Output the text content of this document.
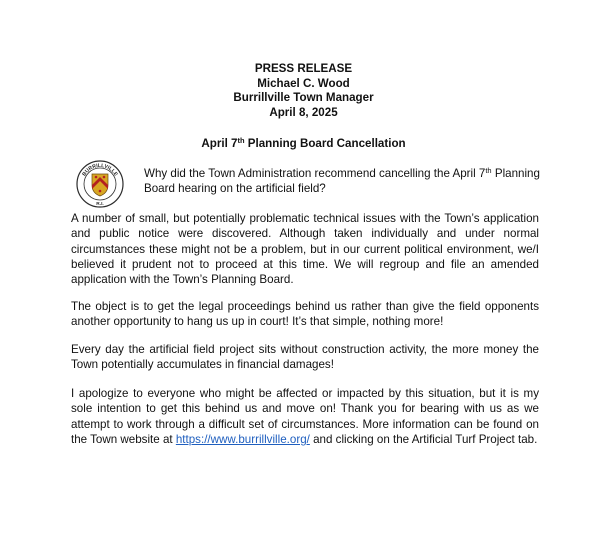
PRESS RELEASE
Michael C. Wood
Burrillville Town Manager
April 8, 2025
April 7th Planning Board Cancellation
BURRILLVILLE
R.I.
Why did the Town Administration recommend cancelling the April 7th Planning Board hearing on the artificial field?
A number of small, but potentially problematic technical issues with the Town’s application and public notice were discovered. Although taken individually and under normal circumstances these might not be a problem, but in our current political environment, we/I believed it prudent not to proceed at this time. We will regroup and file an amended application with the Town’s Planning Board.
The object is to get the legal proceedings behind us rather than give the field opponents another opportunity to hang us up in court! It’s that simple, nothing more!
Every day the artificial field project sits without construction activity, the more money the Town potentially accumulates in financial damages!
I apologize to everyone who might be affected or impacted by this situation, but it is my sole intention to get this behind us and move on! Thank you for bearing with us as we attempt to work through a difficult set of circumstances. More information can be found on the Town website at https://www.burrillville.org/ and clicking on the Artificial Turf Project tab.
